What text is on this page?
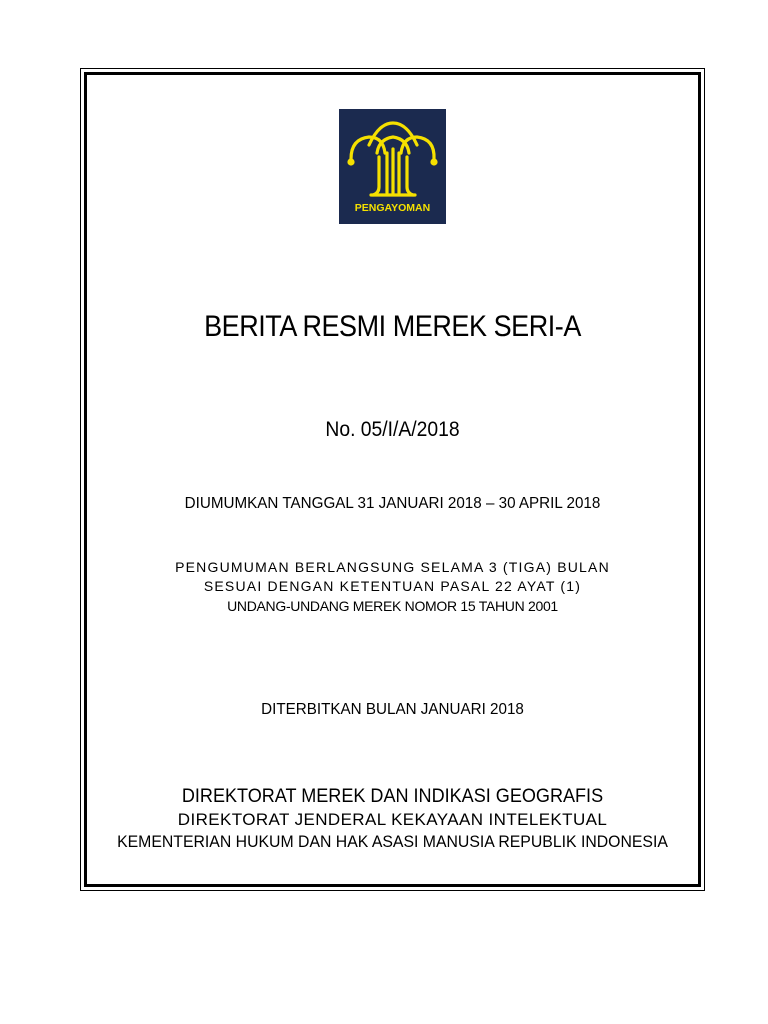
PENGAYOMAN
BERITA RESMI MEREK SERI-A
No. 05/I/A/2018
DIUMUMKAN TANGGAL 31 JANUARI 2018 – 30 APRIL 2018
PENGUMUMAN BERLANGSUNG SELAMA 3 (TIGA) BULAN
SESUAI DENGAN KETENTUAN PASAL 22 AYAT (1)
UNDANG-UNDANG MEREK NOMOR 15 TAHUN 2001
DITERBITKAN BULAN JANUARI 2018
DIREKTORAT MEREK DAN INDIKASI GEOGRAFIS
DIREKTORAT JENDERAL KEKAYAAN INTELEKTUAL
KEMENTERIAN HUKUM DAN HAK ASASI MANUSIA REPUBLIK INDONESIA
